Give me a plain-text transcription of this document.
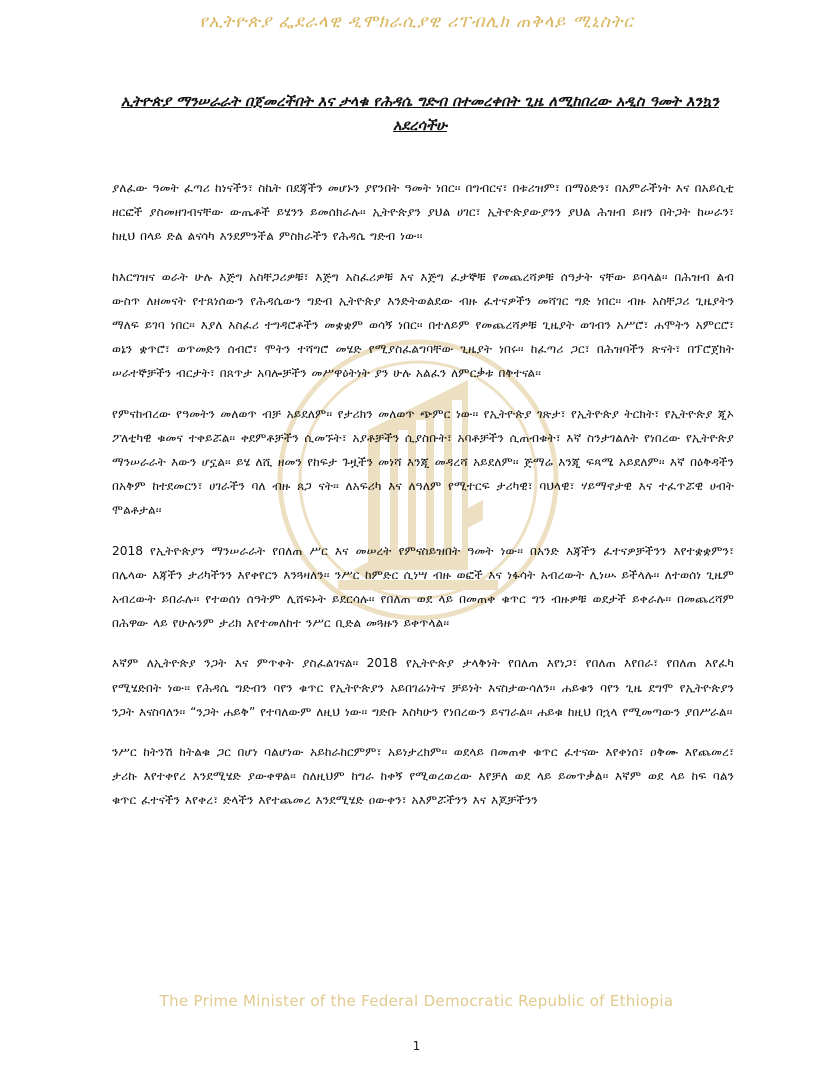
የኢትዮጵያ ፌደራላዊ ዲሞክራሲያዊ ሪፐብሊክ ጠቅላይ ሚኒስትር
ኢትዮጵያ ማንሠራራት በጀመረችበት እና ታላቁ የሕዳሴ ግድብ በተመረቀበት ጊዜ ለሚከበረው አዲስ ዓመት እንኳን አደረሳችሁ

ያለፈው ዓመት ፈጣሪ ከነናችን፣ ስኬት በደጃችን መሆኑን ያየንበት ዓመት ነበር፡፡ በግብርና፣ በቱሪዝም፣ በማዕድን፣ በአምራችነት እና በአይሲቲ ዘርፎች ያስመዘገብናቸው ውጤቶች ይሄንን ይመሰክራሉ፡፡ ኢትዮጵያን ያህል ሀገር፣ ኢትዮጵያውያንን ያህል ሕዝብ ይዘን በትጋት ከሠራን፣ ከዚህ በላይ ድል ልናሳካ እንደምንችል ምስክራችን የሕዳሴ ግድብ ነው፡፡

ከእርግዝና ወራት ሁሉ እጅግ አስቸጋሪዎቹ፣ እጅግ አስፈሪዎቹ እና እጅግ ፈታኞቹ የመጨረሻዎቹ ሰዓታት ናቸው ይባላል፡፡ በሕዝብ ልብ ውስጥ ለዘመናት የተጸነሰውን የሕዳሴውን ግድብ ኢትዮጵያ እንድትወልደው ብዙ ፈተናዎችን መሻገር ግድ ነበር፡፡ ብዙ አስቸጋሪ ጊዜያትን ማለፍ ይገባ ነበር፡፡ እያለ እስፈሪ ተግዳሮቶችን መቋቋም ወሳኝ ነበር፡፡ በተለይም የመጨረሻዎቹ ጊዜያት ወገብን አሥሮ፣ ሐሞትን አምርሮ፣ ወኔን ቋጥሮ፣ ወጥመድን ሰብሮ፣ ሞትን ተሻግሮ መሄድ የሚያስፈልግባቸው ጊዜያት ነበሩ፡፡ ከፈጣሪ ጋር፣ በሕዝባችን ጽናት፣ በፕሮጀክት ሠራተኞቻችን ብርታት፣ በጸጥታ አባሎቻችን መሥዋዕትነት ያን ሁሉ አልፈን ለምርቃቱ በቅተናል፡፡

የምናከብረው የዓመትን መለወጥ ብቻ አይደለም፡፡ የታሪክን መለወጥ ጭምር ነው፡፡ የኢትዮጵያ ገጽታ፣ የኢትዮጵያ ትርክት፣ የኢትዮጵያ ጂኦ ፖለቲካዊ ቁመና ተቀይሯል፡፡ ቀደምቶቻችን ሲመኙት፣ አያቶቻችን ሲያስቡት፣ አባቶቻችን ሲጠብቁት፣ እኛ ስንታገልለት የነበረው የኢትዮጵያ ማንሠራራት እውን ሆኗል፡፡ ይሄ ለሺ ዘመን የከፍታ ጉዟችን መነሻ እንጂ መዳረሻ አይደለም፡፡ ጅማሬ እንጂ ፍጻሜ አይደለም፡፡ እኛ በዕቅዳችን በአቅም ከተደመርን፣ ሀገራችን ባለ ብዙ ጸጋ ናት፡፡ ለአፍሪካ እና ለዓለም የሚተርፍ ታሪካዊ፣ ባህላዊ፣ ሃይማኖታዊ እና ተፈጥሯዊ ሀብት ሞልቶታል፡፡

2018 የኢትዮጵያን ማንሠራራት የበለጠ ሥር እና መሠረት የምናስይዝበት ዓመት ነው፡፡ በአንድ እጃችን ፈተናዎቻችንን እየተቋቋምን፣ በሌላው እጃችን ታሪካችንን እየቀየርን እንጓዛለን፡፡ ንሥር ከምድር ሲነሣ ብዙ ወፎች እና ነፋሳት አብረውት ሊነሡ ይችላሉ፡፡ ለተወሰነ ጊዜም አብረውት ይበራሉ፡፡ የተወሰነ ሰዓትም ሊሸፍኑት ይደርሳሉ፡፡ የበለጠ ወደ ላይ በመጠቀ ቁጥር ግን ብዙዎቹ ወደታች ይቀራሉ፡፡ በመጨረሻም በሕዋው ላይ የሁሉንም ታሪክ እየተመለከተ ንሥር ቢድል መጓዙን ይቀጥላል፡፡

እኛም ለኢትዮጵያ ንጋት እና ምጥቀት ያስፈልገናል፡፡ 2018 የኢትዮጵያ ታላቅነት የበለጠ እየነጋ፣ የበለጠ እየበራ፣ የበለጠ እየፈካ የሚሄድበት ነው፡፡ የሕዳሴ ግድብን ባየን ቁጥር የኢትዮጵያን አይበገሬነትና ቻይነት እናስታውሳለን፡፡ ሐይቁን ባየን ጊዜ ደግሞ የኢትዮጵያን ንጋት እናስባለን፡፡ “ንጋት ሐይቅ” የተባለውም ለዚህ ነው፡፡ ግድቡ እስካሁን የነበረውን ይናገራል፡፡ ሐይቁ ከዚህ በኋላ የሚመጣውን ያበሥራል፡፡

ንሥር ከትንሽ ከትልቁ ጋር በሆነ ባልሆነው አይከራከርምም፣ አይነታረክም፡፡ ወደላይ በመጠቀ ቁጥር ፈተናው እየቀነሰ፣ ዐቅሙ እየጨመረ፣ ታሪኩ እየተቀየረ እንደሚሄድ ያውቀዋል፡፡ ስለዚህም ከግራ ከቀኝ የሚወረወረው እየቻለ ወደ ላይ ይመጥቃል፡፡ እኛም ወደ ላይ ከፍ ባልን ቁጥር ፈተናችን እየቀረ፣ ድላችን እየተጨመረ እንደሚሄድ ዐውቀን፣ አእምሯችንን እና እጆቻችንን

The Prime Minister of the Federal Democratic Republic of Ethiopia
1
